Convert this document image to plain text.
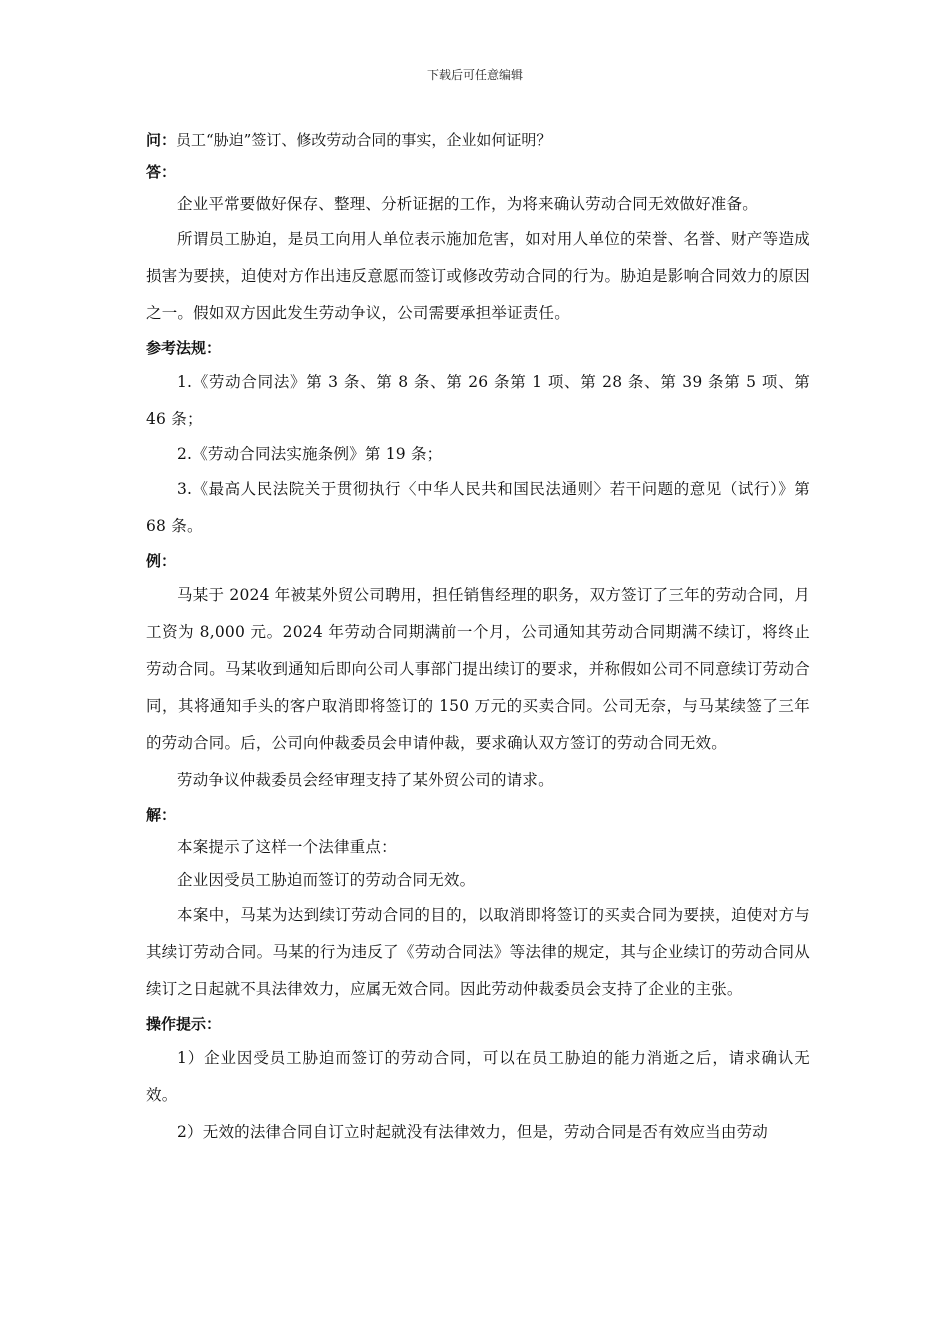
下载后可任意编辑

问：员工“胁迫”签订、修改劳动合同的事实，企业如何证明？

答：

企业平常要做好保存、整理、分析证据的工作，为将来确认劳动合同无效做好准备。

所谓员工胁迫，是员工向用人单位表示施加危害，如对用人单位的荣誉、名誉、财产等造成损害为要挟，迫使对方作出违反意愿而签订或修改劳动合同的行为。胁迫是影响合同效力的原因之一。假如双方因此发生劳动争议，公司需要承担举证责任。

参考法规：

1.《劳动合同法》第 3 条、第 8 条、第 26 条第 1 项、第 28 条、第 39 条第 5 项、第 46 条；

2.《劳动合同法实施条例》第 19 条；

3.《最高人民法院关于贯彻执行〈中华人民共和国民法通则〉若干问题的意见（试行）》第 68 条。

例：

马某于 2024 年被某外贸公司聘用，担任销售经理的职务，双方签订了三年的劳动合同，月工资为 8,000 元。2024 年劳动合同期满前一个月，公司通知其劳动合同期满不续订，将终止劳动合同。马某收到通知后即向公司人事部门提出续订的要求，并称假如公司不同意续订劳动合同，其将通知手头的客户取消即将签订的 150 万元的买卖合同。公司无奈，与马某续签了三年的劳动合同。后，公司向仲裁委员会申请仲裁，要求确认双方签订的劳动合同无效。

劳动争议仲裁委员会经审理支持了某外贸公司的请求。

解：

本案提示了这样一个法律重点：

企业因受员工胁迫而签订的劳动合同无效。

本案中，马某为达到续订劳动合同的目的，以取消即将签订的买卖合同为要挟，迫使对方与其续订劳动合同。马某的行为违反了《劳动合同法》等法律的规定，其与企业续订的劳动合同从续订之日起就不具法律效力，应属无效合同。因此劳动仲裁委员会支持了企业的主张。

操作提示：

1）企业因受员工胁迫而签订的劳动合同，可以在员工胁迫的能力消逝之后，请求确认无效。

2）无效的法律合同自订立时起就没有法律效力，但是，劳动合同是否有效应当由劳动
